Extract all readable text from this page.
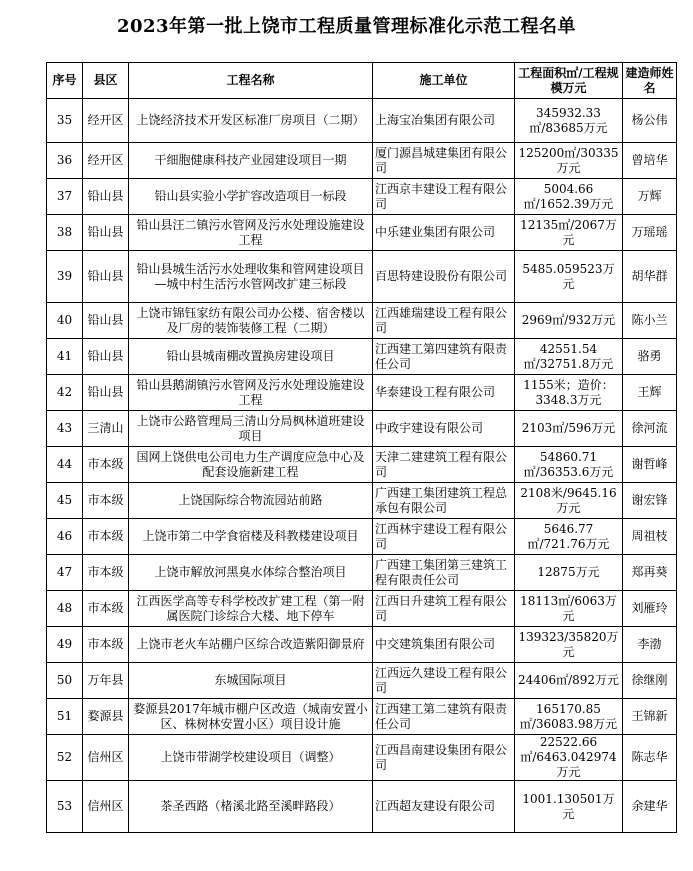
2023年第一批上饶市工程质量管理标准化示范工程名单
序号	县区	工程名称	施工单位	工程面积㎡/工程规模万元	建造师姓名
35	经开区	上饶经济技术开发区标准厂房项目（二期）	上海宝冶集团有限公司	345932.33㎡/83685万元	杨公伟
36	经开区	干细胞健康科技产业园建设项目一期	厦门源昌城建集团有限公司	125200㎡/30335万元	曾培华
37	铅山县	铅山县实验小学扩容改造项目一标段	江西京丰建设工程有限公司	5004.66㎡/1652.39万元	万辉
38	铅山县	铅山县汪二镇污水管网及污水处理设施建设工程	中乐建业集团有限公司	12135㎡/2067万元	万瑶瑶
39	铅山县	铅山县城生活污水处理收集和管网建设项目—城中村生活污水管网改扩建三标段	百思特建设股份有限公司	5485.059523万元	胡华群
40	铅山县	上饶市锦钰家纺有限公司办公楼、宿舍楼以及厂房的装饰装修工程（二期）	江西雄瑞建设工程有限公司	2969㎡/932万元	陈小兰
41	铅山县	铅山县城南棚改置换房建设项目	江西建工第四建筑有限责任公司	42551.54㎡/32751.8万元	骆勇
42	铅山县	铅山县鹅湖镇污水管网及污水处理设施建设工程	华泰建设工程有限公司	1155米；造价：3348.3万元	王辉
43	三清山	上饶市公路管理局三清山分局枫林道班建设项目	中政宇建设有限公司	2103㎡/596万元	徐河流
44	市本级	国网上饶供电公司电力生产调度应急中心及配套设施新建工程	天津二建建筑工程有限公司	54860.71㎡/36353.6万元	谢哲峰
45	市本级	上饶国际综合物流园站前路	广西建工集团建筑工程总承包有限公司	2108米/9645.16万元	谢宏锋
46	市本级	上饶市第二中学食宿楼及科教楼建设项目	江西林宇建设工程有限公司	5646.77㎡/721.76万元	周祖枝
47	市本级	上饶市解放河黑臭水体综合整治项目	广西建工集团第三建筑工程有限责任公司	12875万元	郑再葵
48	市本级	江西医学高等专科学校改扩建工程（第一附属医院门诊综合大楼、地下停车	江西日升建筑工程有限公司	18113㎡/6063万元	刘雁玲
49	市本级	上饶市老火车站棚户区综合改造紫阳御景府	中交建筑集团有限公司	139323/35820万元	李渤
50	万年县	东城国际项目	江西远久建设工程有限公司	24406㎡/892万元	徐继刚
51	婺源县	婺源县2017年城市棚户区改造（城南安置小区、株树林安置小区）项目设计施	江西建工第二建筑有限责任公司	165170.85㎡/36083.98万元	王锦新
52	信州区	上饶市带湖学校建设项目（调整）	江西昌南建设集团有限公司	22522.66㎡/6463.042974万元	陈志华
53	信州区	茶圣西路（楮溪北路至溪畔路段）	江西超友建设有限公司	1001.130501万元	余建华
